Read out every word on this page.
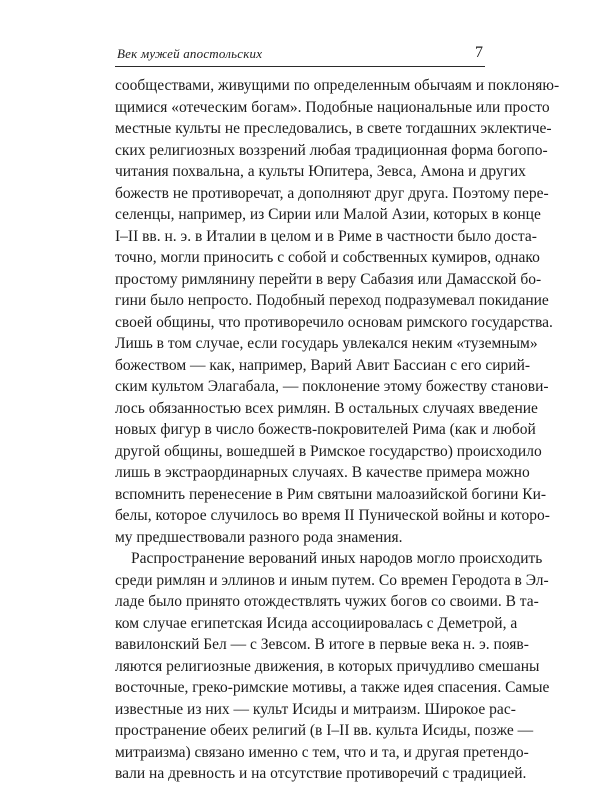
Век мужей апостольских	7
сообществами, живущими по определенным обычаям и поклоняю-
щимися «отеческим богам». Подобные национальные или просто
местные культы не преследовались, в свете тогдашних эклектиче-
ских религиозных воззрений любая традиционная форма богопо-
читания похвальна, а культы Юпитера, Зевса, Амона и других
божеств не противоречат, а дополняют друг друга. Поэтому пере-
селенцы, например, из Сирии или Малой Азии, которых в конце
I–II вв. н. э. в Италии в целом и в Риме в частности было доста-
точно, могли приносить с собой и собственных кумиров, однако
простому римлянину перейти в веру Сабазия или Дамасской бо-
гини было непросто. Подобный переход подразумевал покидание
своей общины, что противоречило основам римского государства.
Лишь в том случае, если государь увлекался неким «туземным»
божеством — как, например, Варий Авит Бассиан с его сирий-
ским культом Элагабала, — поклонение этому божеству станови-
лось обязанностью всех римлян. В остальных случаях введение
новых фигур в число божеств-покровителей Рима (как и любой
другой общины, вошедшей в Римское государство) происходило
лишь в экстраординарных случаях. В качестве примера можно
вспомнить перенесение в Рим святыни малоазийской богини Ки-
белы, которое случилось во время II Пунической войны и которо-
му предшествовали разного рода знамения.
Распространение верований иных народов могло происходить
среди римлян и эллинов и иным путем. Со времен Геродота в Эл-
ладе было принято отождествлять чужих богов со своими. В та-
ком случае египетская Исида ассоциировалась с Деметрой, а
вавилонский Бел — с Зевсом. В итоге в первые века н. э. появ-
ляются религиозные движения, в которых причудливо смешаны
восточные, греко-римские мотивы, а также идея спасения. Самые
известные из них — культ Исиды и митраизм. Широкое рас-
пространение обеих религий (в I–II вв. культа Исиды, позже —
митраизма) связано именно с тем, что и та, и другая претендо-
вали на древность и на отсутствие противоречий с традицией.
